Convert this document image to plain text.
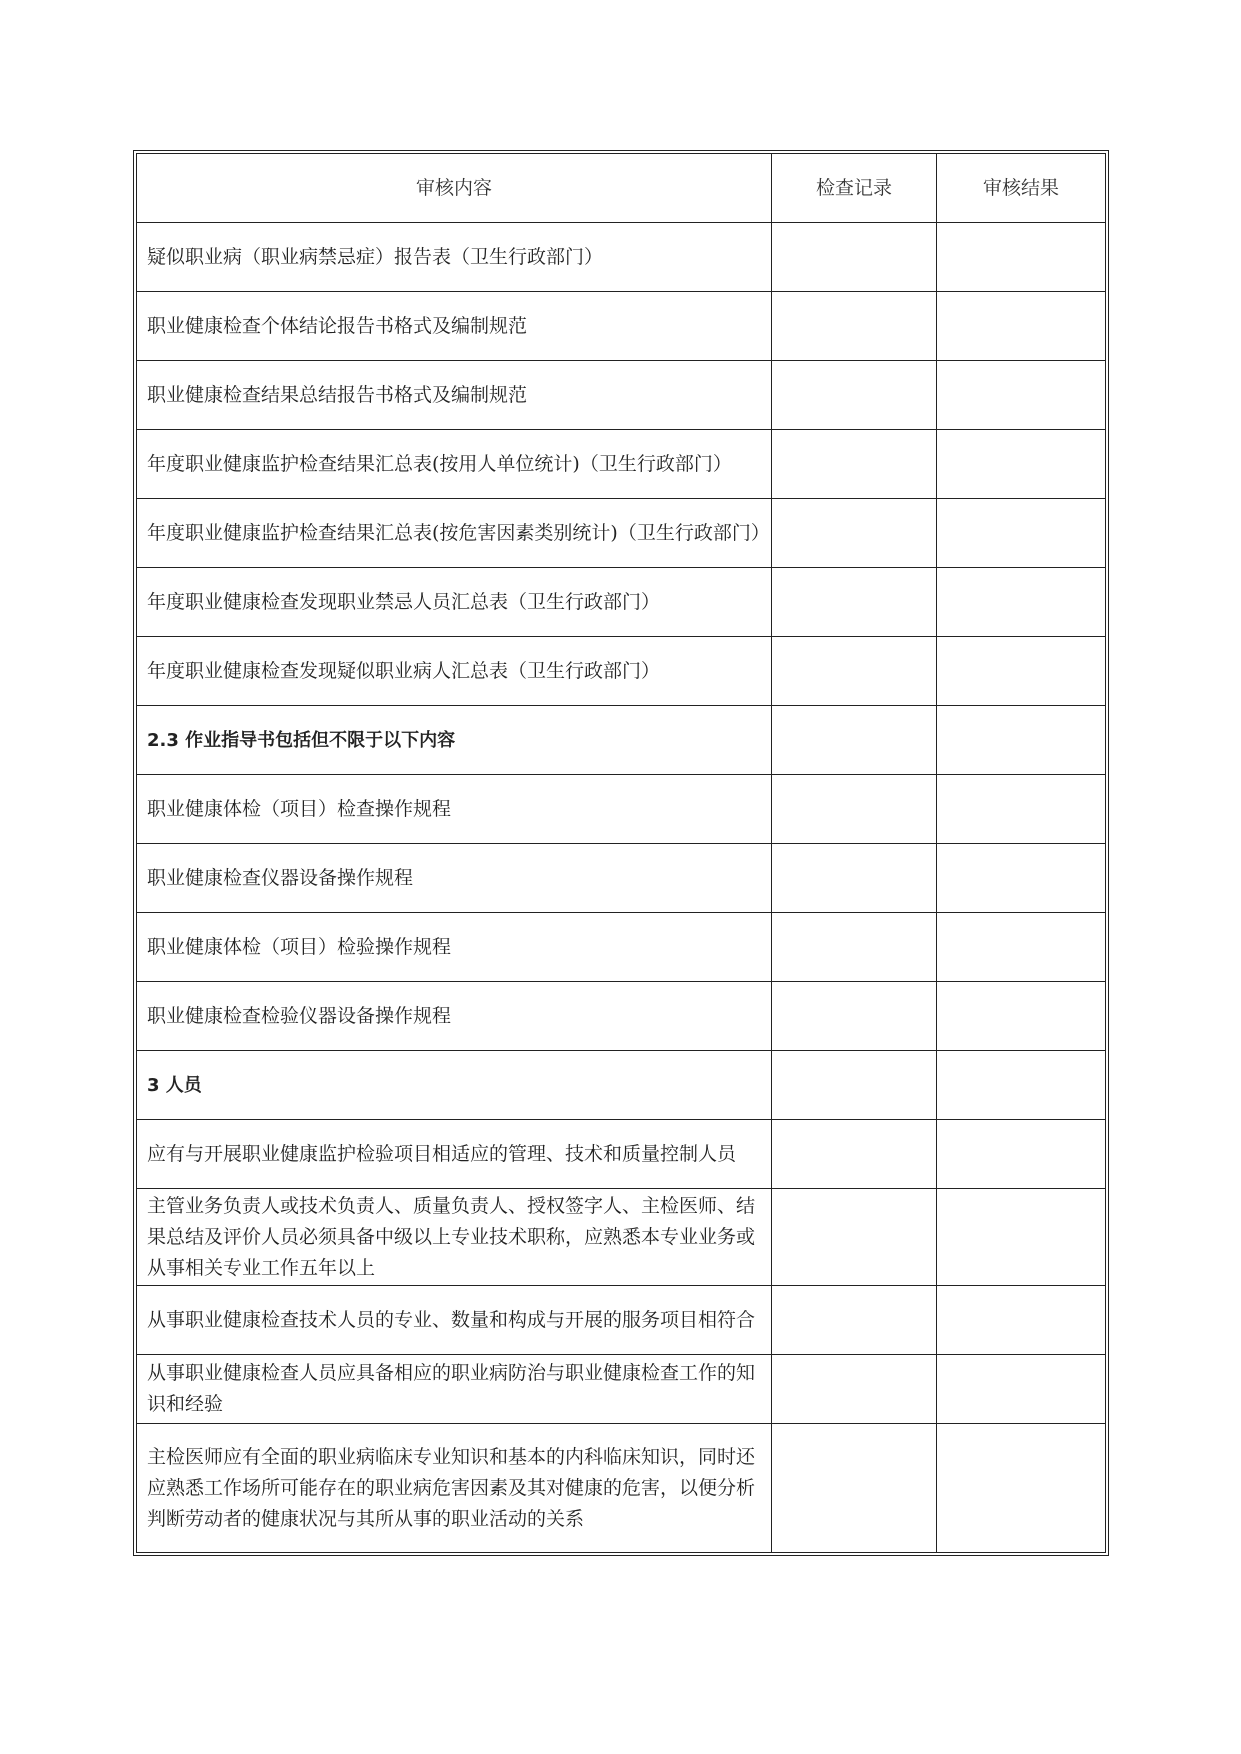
审核内容	检查记录	审核结果
疑似职业病（职业病禁忌症）报告表（卫生行政部门）		
职业健康检查个体结论报告书格式及编制规范		
职业健康检查结果总结报告书格式及编制规范		
年度职业健康监护检查结果汇总表(按用人单位统计)（卫生行政部门）		
年度职业健康监护检查结果汇总表(按危害因素类别统计)（卫生行政部门）		
年度职业健康检查发现职业禁忌人员汇总表（卫生行政部门）		
年度职业健康检查发现疑似职业病人汇总表（卫生行政部门）		
2.3 作业指导书包括但不限于以下内容		
职业健康体检（项目）检查操作规程		
职业健康检查仪器设备操作规程		
职业健康体检（项目）检验操作规程		
职业健康检查检验仪器设备操作规程		
3 人员		
应有与开展职业健康监护检验项目相适应的管理、技术和质量控制人员		
主管业务负责人或技术负责人、质量负责人、授权签字人、主检医师、结果总结及评价人员必须具备中级以上专业技术职称，应熟悉本专业业务或从事相关专业工作五年以上		
从事职业健康检查技术人员的专业、数量和构成与开展的服务项目相符合		
从事职业健康检查人员应具备相应的职业病防治与职业健康检查工作的知识和经验		
主检医师应有全面的职业病临床专业知识和基本的内科临床知识，同时还应熟悉工作场所可能存在的职业病危害因素及其对健康的危害，以便分析判断劳动者的健康状况与其所从事的职业活动的关系		
